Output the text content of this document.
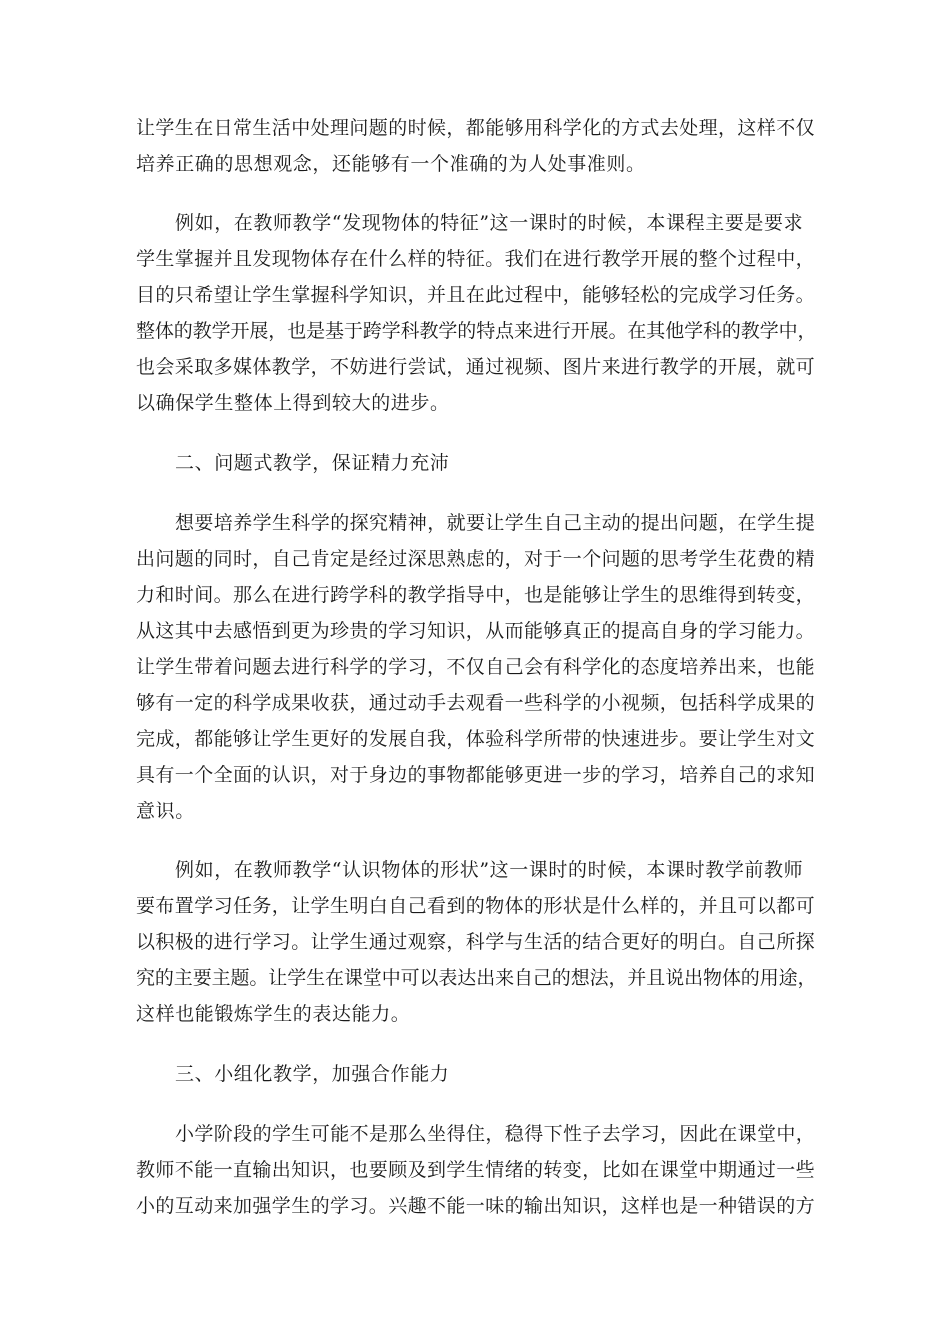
让学生在日常生活中处理问题的时候，都能够用科学化的方式去处理，这样不仅
培养正确的思想观念，还能够有一个准确的为人处事准则。
例如，在教师教学“发现物体的特征”这一课时的时候，本课程主要是要求
学生掌握并且发现物体存在什么样的特征。我们在进行教学开展的整个过程中，
目的只希望让学生掌握科学知识，并且在此过程中，能够轻松的完成学习任务。
整体的教学开展，也是基于跨学科教学的特点来进行开展。在其他学科的教学中，
也会采取多媒体教学，不妨进行尝试，通过视频、图片来进行教学的开展，就可
以确保学生整体上得到较大的进步。
二、问题式教学，保证精力充沛
想要培养学生科学的探究精神，就要让学生自己主动的提出问题，在学生提
出问题的同时，自己肯定是经过深思熟虑的，对于一个问题的思考学生花费的精
力和时间。那么在进行跨学科的教学指导中，也是能够让学生的思维得到转变，
从这其中去感悟到更为珍贵的学习知识，从而能够真正的提高自身的学习能力。
让学生带着问题去进行科学的学习，不仅自己会有科学化的态度培养出来，也能
够有一定的科学成果收获，通过动手去观看一些科学的小视频，包括科学成果的
完成，都能够让学生更好的发展自我，体验科学所带的快速进步。要让学生对文
具有一个全面的认识，对于身边的事物都能够更进一步的学习，培养自己的求知
意识。
例如，在教师教学“认识物体的形状”这一课时的时候，本课时教学前教师
要布置学习任务，让学生明白自己看到的物体的形状是什么样的，并且可以都可
以积极的进行学习。让学生通过观察，科学与生活的结合更好的明白。自己所探
究的主要主题。让学生在课堂中可以表达出来自己的想法，并且说出物体的用途，
这样也能锻炼学生的表达能力。
三、小组化教学，加强合作能力
小学阶段的学生可能不是那么坐得住，稳得下性子去学习，因此在课堂中，
教师不能一直输出知识，也要顾及到学生情绪的转变，比如在课堂中期通过一些
小的互动来加强学生的学习。兴趣不能一味的输出知识，这样也是一种错误的方
